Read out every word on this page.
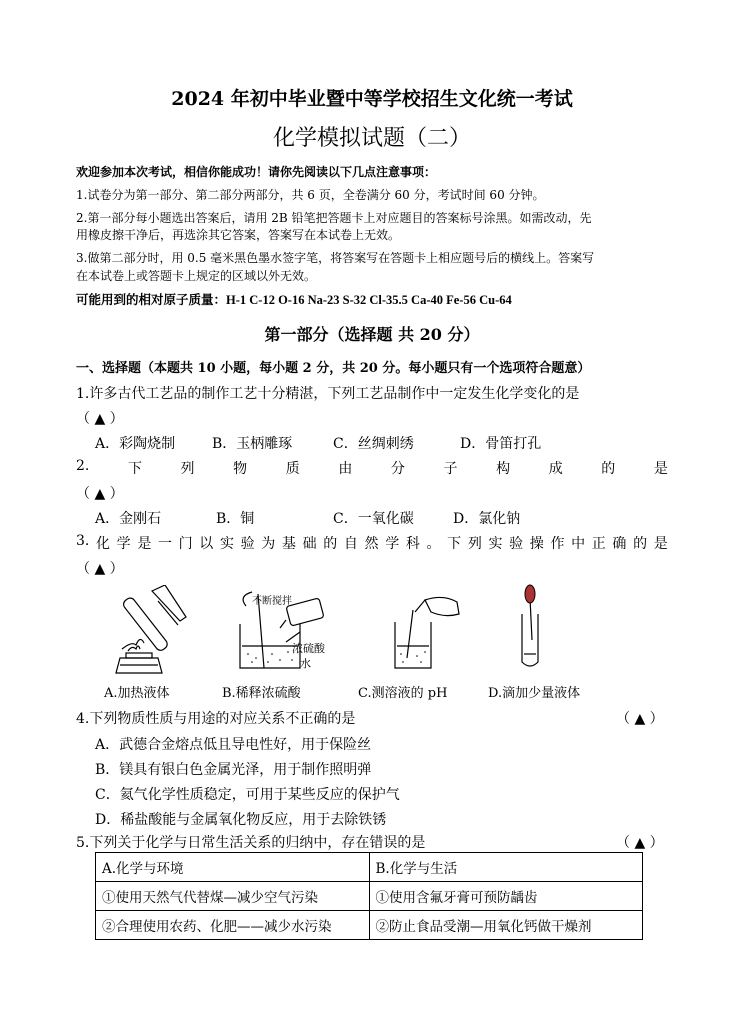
2024 年初中毕业暨中等学校招生文化统一考试
化学模拟试题（二）
欢迎参加本次考试，相信你能成功！请你先阅读以下几点注意事项：
1.试卷分为第一部分、第二部分两部分，共 6 页，全卷满分 60 分，考试时间 60 分钟。
2.第一部分每小题选出答案后，请用 2B 铅笔把答题卡上对应题目的答案标号涂黑。如需改动，先
用橡皮擦干净后，再选涂其它答案，答案写在本试卷上无效。
3.做第二部分时，用 0.5 毫米黑色墨水签字笔，将答案写在答题卡上相应题号后的横线上。答案写
在本试卷上或答题卡上规定的区域以外无效。
可能用到的相对原子质量：H-1 C-12 O-16 Na-23 S-32 Cl-35.5 Ca-40 Fe-56 Cu-64
第一部分（选择题 共 20 分）
一、选择题（本题共 10 小题，每小题 2 分，共 20 分。每小题只有一个选项符合题意）
1.许多古代工艺品的制作工艺十分精湛，下列工艺品制作中一定发生化学变化的是
（ ▲ ）
A．彩陶烧制	B．玉柄雕琢	C．丝绸刺绣	D．骨笛打孔
2.	下	列	物	质	由	分	子	构	成	的	是
（ ▲ ）
A．金刚石	B．铜	C．一氧化碳	D．氯化钠
3. 化 学 是 一 门 以 实 验 为 基 础 的 自 然 学 科 。 下 列 实 验 操 作 中 正 确 的 是
（ ▲ ）
A.加热液体
不断搅拌
浓硫酸
水
B.稀释浓硫酸	C.测溶液的 pH	D.滴加少量液体
4.下列物质性质与用途的对应关系不正确的是	（ ▲ ）
A．武德合金熔点低且导电性好，用于保险丝
B．镁具有银白色金属光泽，用于制作照明弹
C．氦气化学性质稳定，可用于某些反应的保护气
D．稀盐酸能与金属氧化物反应，用于去除铁锈
5.下列关于化学与日常生活关系的归纳中，存在错误的是	（ ▲ ）
A.化学与环境	B.化学与生活
①使用天然气代替煤—减少空气污染	①使用含氟牙膏可预防龋齿
②合理使用农药、化肥——减少水污染	②防止食品受潮—用氧化钙做干燥剂
